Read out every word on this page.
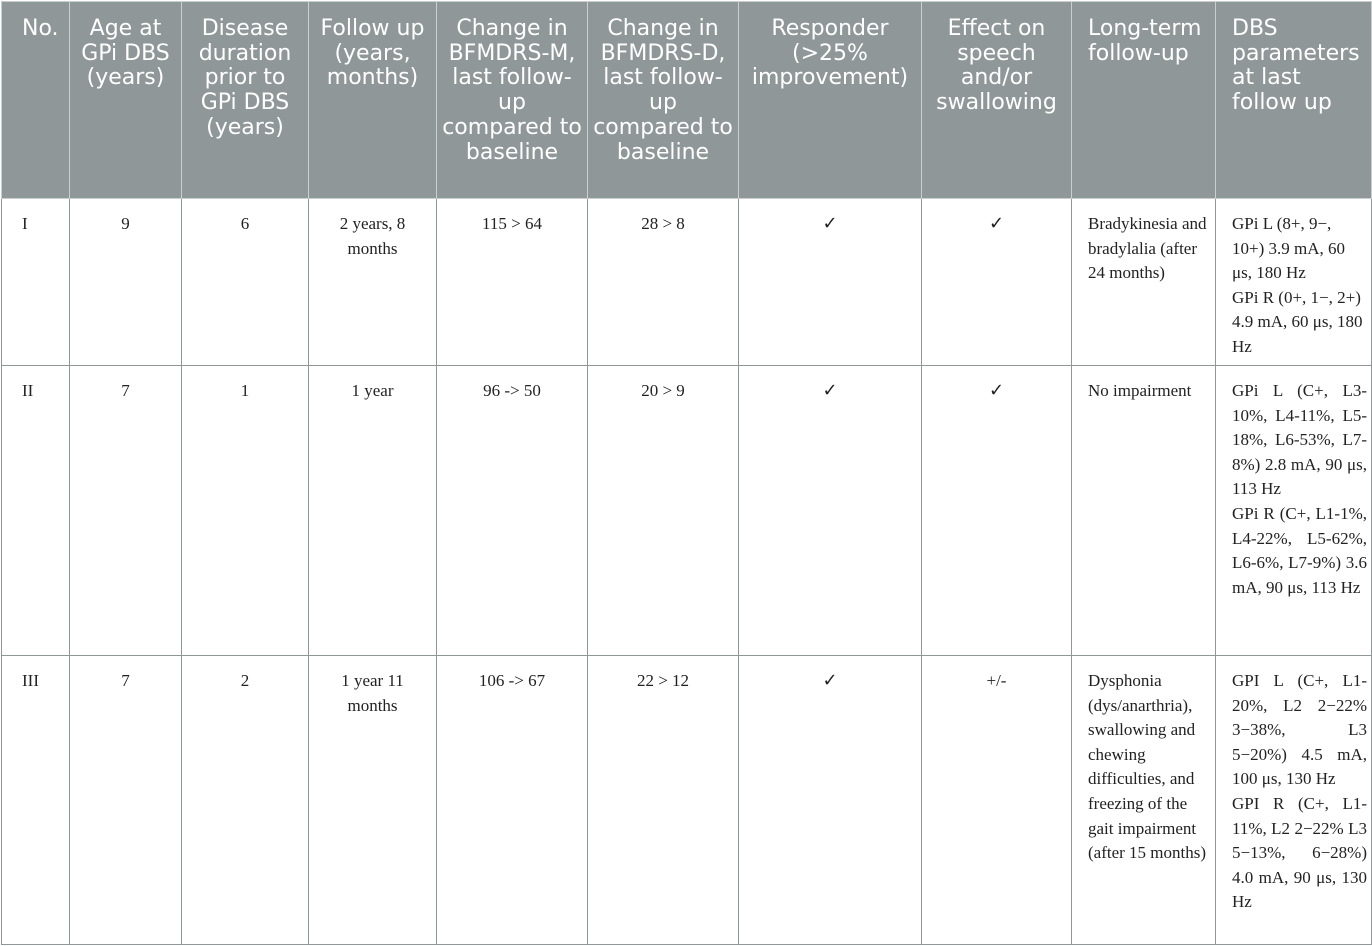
No.	Age at GPi DBS (years)	Disease duration prior to GPi DBS (years)	Follow up (years, months)	Change in BFMDRS-M, last follow-up compared to baseline	Change in BFMDRS-D, last follow-up compared to baseline	Responder (>25% improvement)	Effect on speech and/or swallowing	Long-term follow-up	DBS parameters at last follow up
I	9	6	2 years, 8 months	115 > 64	28 > 8	✓	✓	Bradykinesia and bradylalia (after 24 months)	GPi L (8+, 9−, 10+) 3.9 mA, 60 μs, 180 Hz
GPi R (0+, 1−, 2+) 4.9 mA, 60 μs, 180 Hz

II	7	1	1 year	96 -> 50	20 > 9	✓	✓	No impairment	GPi L (C+, L3-10%, L4-11%, L5-18%, L6-53%, L7-8%) 2.8 mA, 90 μs, 113 Hz
GPi R (C+, L1-1%, L4-22%, L5-62%, L6-6%, L7-9%) 3.6 mA, 90 μs, 113 Hz

III	7	2	1 year 11 months	106 -> 67	22 > 12	✓	+/-	Dysphonia (dys/anarthria), swallowing and chewing difficulties, and freezing of the gait impairment (after 15 months)	GPI L (C+, L1-20%, L2 2−22% 3−38%, L3 5−20%) 4.5 mA, 100 μs, 130 Hz
GPI R (C+, L1-11%, L2 2−22% L3 5−13%, 6−28%) 4.0 mA, 90 μs, 130 Hz
